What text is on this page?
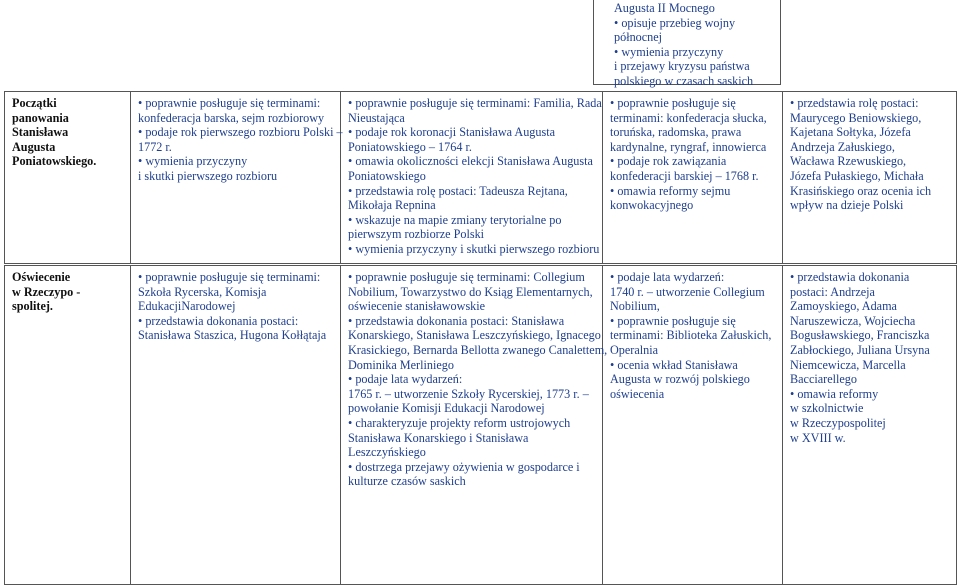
Augusta II Mocnego
• opisuje przebieg wojny
północnej
• wymienia przyczyny
i przejawy kryzysu państwa
polskiego w czasach saskich
Początki
panowania
Stanisława
Augusta
Poniatowskiego.

• poprawnie posługuje się terminami:
konfederacja barska, sejm rozbiorowy
• podaje rok pierwszego rozbioru Polski –
1772 r.
• wymienia przyczyny
i skutki pierwszego rozbioru

• poprawnie posługuje się terminami: Familia, Rada
Nieustająca
• podaje rok koronacji Stanisława Augusta
Poniatowskiego – 1764 r.
• omawia okoliczności elekcji Stanisława Augusta
Poniatowskiego
• przedstawia rolę postaci: Tadeusza Rejtana,
Mikołaja Repnina
• wskazuje na mapie zmiany terytorialne po
pierwszym rozbiorze Polski
• wymienia przyczyny i skutki pierwszego rozbioru

• poprawnie posługuje się
terminami: konfederacja słucka,
toruńska, radomska, prawa
kardynalne, ryngraf, innowierca
• podaje rok zawiązania
konfederacji barskiej – 1768 r.
• omawia reformy sejmu
konwokacyjnego

• przedstawia rolę postaci:
Maurycego Beniowskiego,
Kajetana Sołtyka, Józefa
Andrzeja Załuskiego,
Wacława Rzewuskiego,
Józefa Pułaskiego, Michała
Krasińskiego oraz ocenia ich
wpływ na dzieje Polski
Oświecenie
w Rzeczypo -
spolitej.

• poprawnie posługuje się terminami:
Szkoła Rycerska, Komisja
EdukacjiNarodowej
• przedstawia dokonania postaci:
Stanisława Staszica, Hugona Kołłątaja

• poprawnie posługuje się terminami: Collegium
Nobilium, Towarzystwo do Ksiąg Elementarnych,
oświecenie stanisławowskie
• przedstawia dokonania postaci: Stanisława
Konarskiego, Stanisława Leszczyńskiego, Ignacego
Krasickiego, Bernarda Bellotta zwanego Canalettem,
Dominika Merliniego
• podaje lata wydarzeń:
1765 r. – utworzenie Szkoły Rycerskiej, 1773 r. –
powołanie Komisji Edukacji Narodowej
• charakteryzuje projekty reform ustrojowych
Stanisława Konarskiego i Stanisława
Leszczyńskiego
• dostrzega przejawy ożywienia w gospodarce i
kulturze czasów saskich

• podaje lata wydarzeń:
1740 r. – utworzenie Collegium
Nobilium,
• poprawnie posługuje się
terminami: Biblioteka Załuskich,
Operalnia
• ocenia wkład Stanisława
Augusta w rozwój polskiego
oświecenia

• przedstawia dokonania
postaci: Andrzeja
Zamoyskiego, Adama
Naruszewicza, Wojciecha
Bogusławskiego, Franciszka
Zabłockiego, Juliana Ursyna
Niemcewicza, Marcella
Bacciarellego
• omawia reformy
w szkolnictwie
w Rzeczypospolitej
w XVIII w.
